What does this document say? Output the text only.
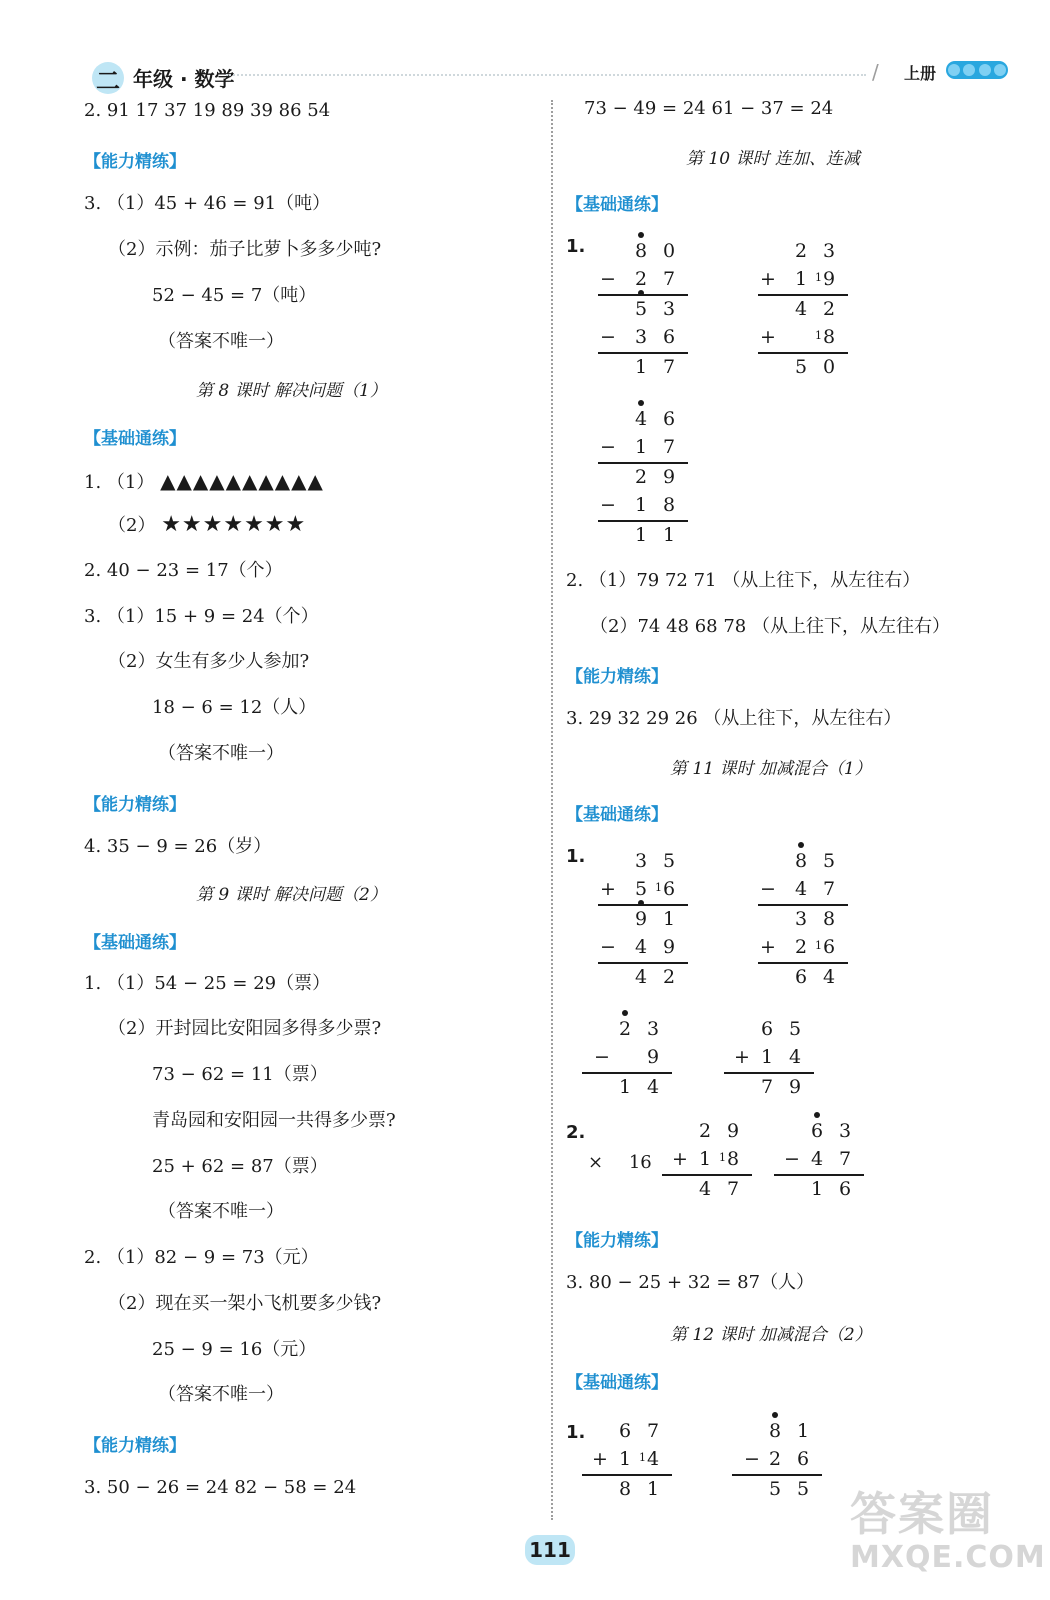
二 年级 · 数学	/ 上册
2. 91 17 37 19 89 39 86 54
【能力精练】
3. （1）45 + 46 = 91（吨）
（2）示例：茄子比萝卜多多少吨?
52 − 45 = 7（吨）
（答案不唯一）
第 8 课时 解决问题（1）
【基础通练】
1. （1） ▲▲▲▲▲▲▲▲▲▲
（2） ★★★★★★★
2. 40 − 23 = 17（个）
3. （1）15 + 9 = 24（个）
（2）女生有多少人参加?
18 − 6 = 12（人）
（答案不唯一）
【能力精练】
4. 35 − 9 = 26（岁）
第 9 课时 解决问题（2）
【基础通练】
1. （1）54 − 25 = 29（票）
（2）开封园比安阳园多得多少票?
73 − 62 = 11（票）
青岛园和安阳园一共得多少票?
25 + 62 = 87（票）
（答案不唯一）
2. （1）82 − 9 = 73（元）
（2）现在买一架小飞机要多少钱?
25 − 9 = 16（元）
（答案不唯一）
【能力精练】
3. 50 − 26 = 24 82 − 58 = 24
73 − 49 = 24 61 − 37 = 24
第 10 课时 连加、连减
【基础通练】
1.	8 0
− 2 7
5 3
− 3 6
1 7
2 3
+ 1 1 9
4 2
+	1 8
5 0
4 6
− 1 7
2 9
− 1 8
1 1
2. （1）79 72 71 （从上往下，从左往右）
（2）74 48 68 78 （从上往下，从左往右）
【能力精练】
3. 29 32 29 26 （从上往下，从左往右）
第 11 课时 加减混合（1）
【基础通练】
1.	3 5
+ 5 1 6
9 1
− 4 9
4 2
8 5
− 4 7
3 8
+ 2 1 6
6 4
2 3
− 9
1 4
6 5
+ 1 4
7 9
2.
× 16
2 9
+ 1 1 8
4 7
6 3
− 4 7
1 6
【能力精练】
3. 80 − 25 + 32 = 87（人）
第 12 课时 加减混合（2）
【基础通练】
1. 6 7
+ 1 1 4
8 1
8 1
− 2 6
5 5
111
答案圈
MXQE.COM
